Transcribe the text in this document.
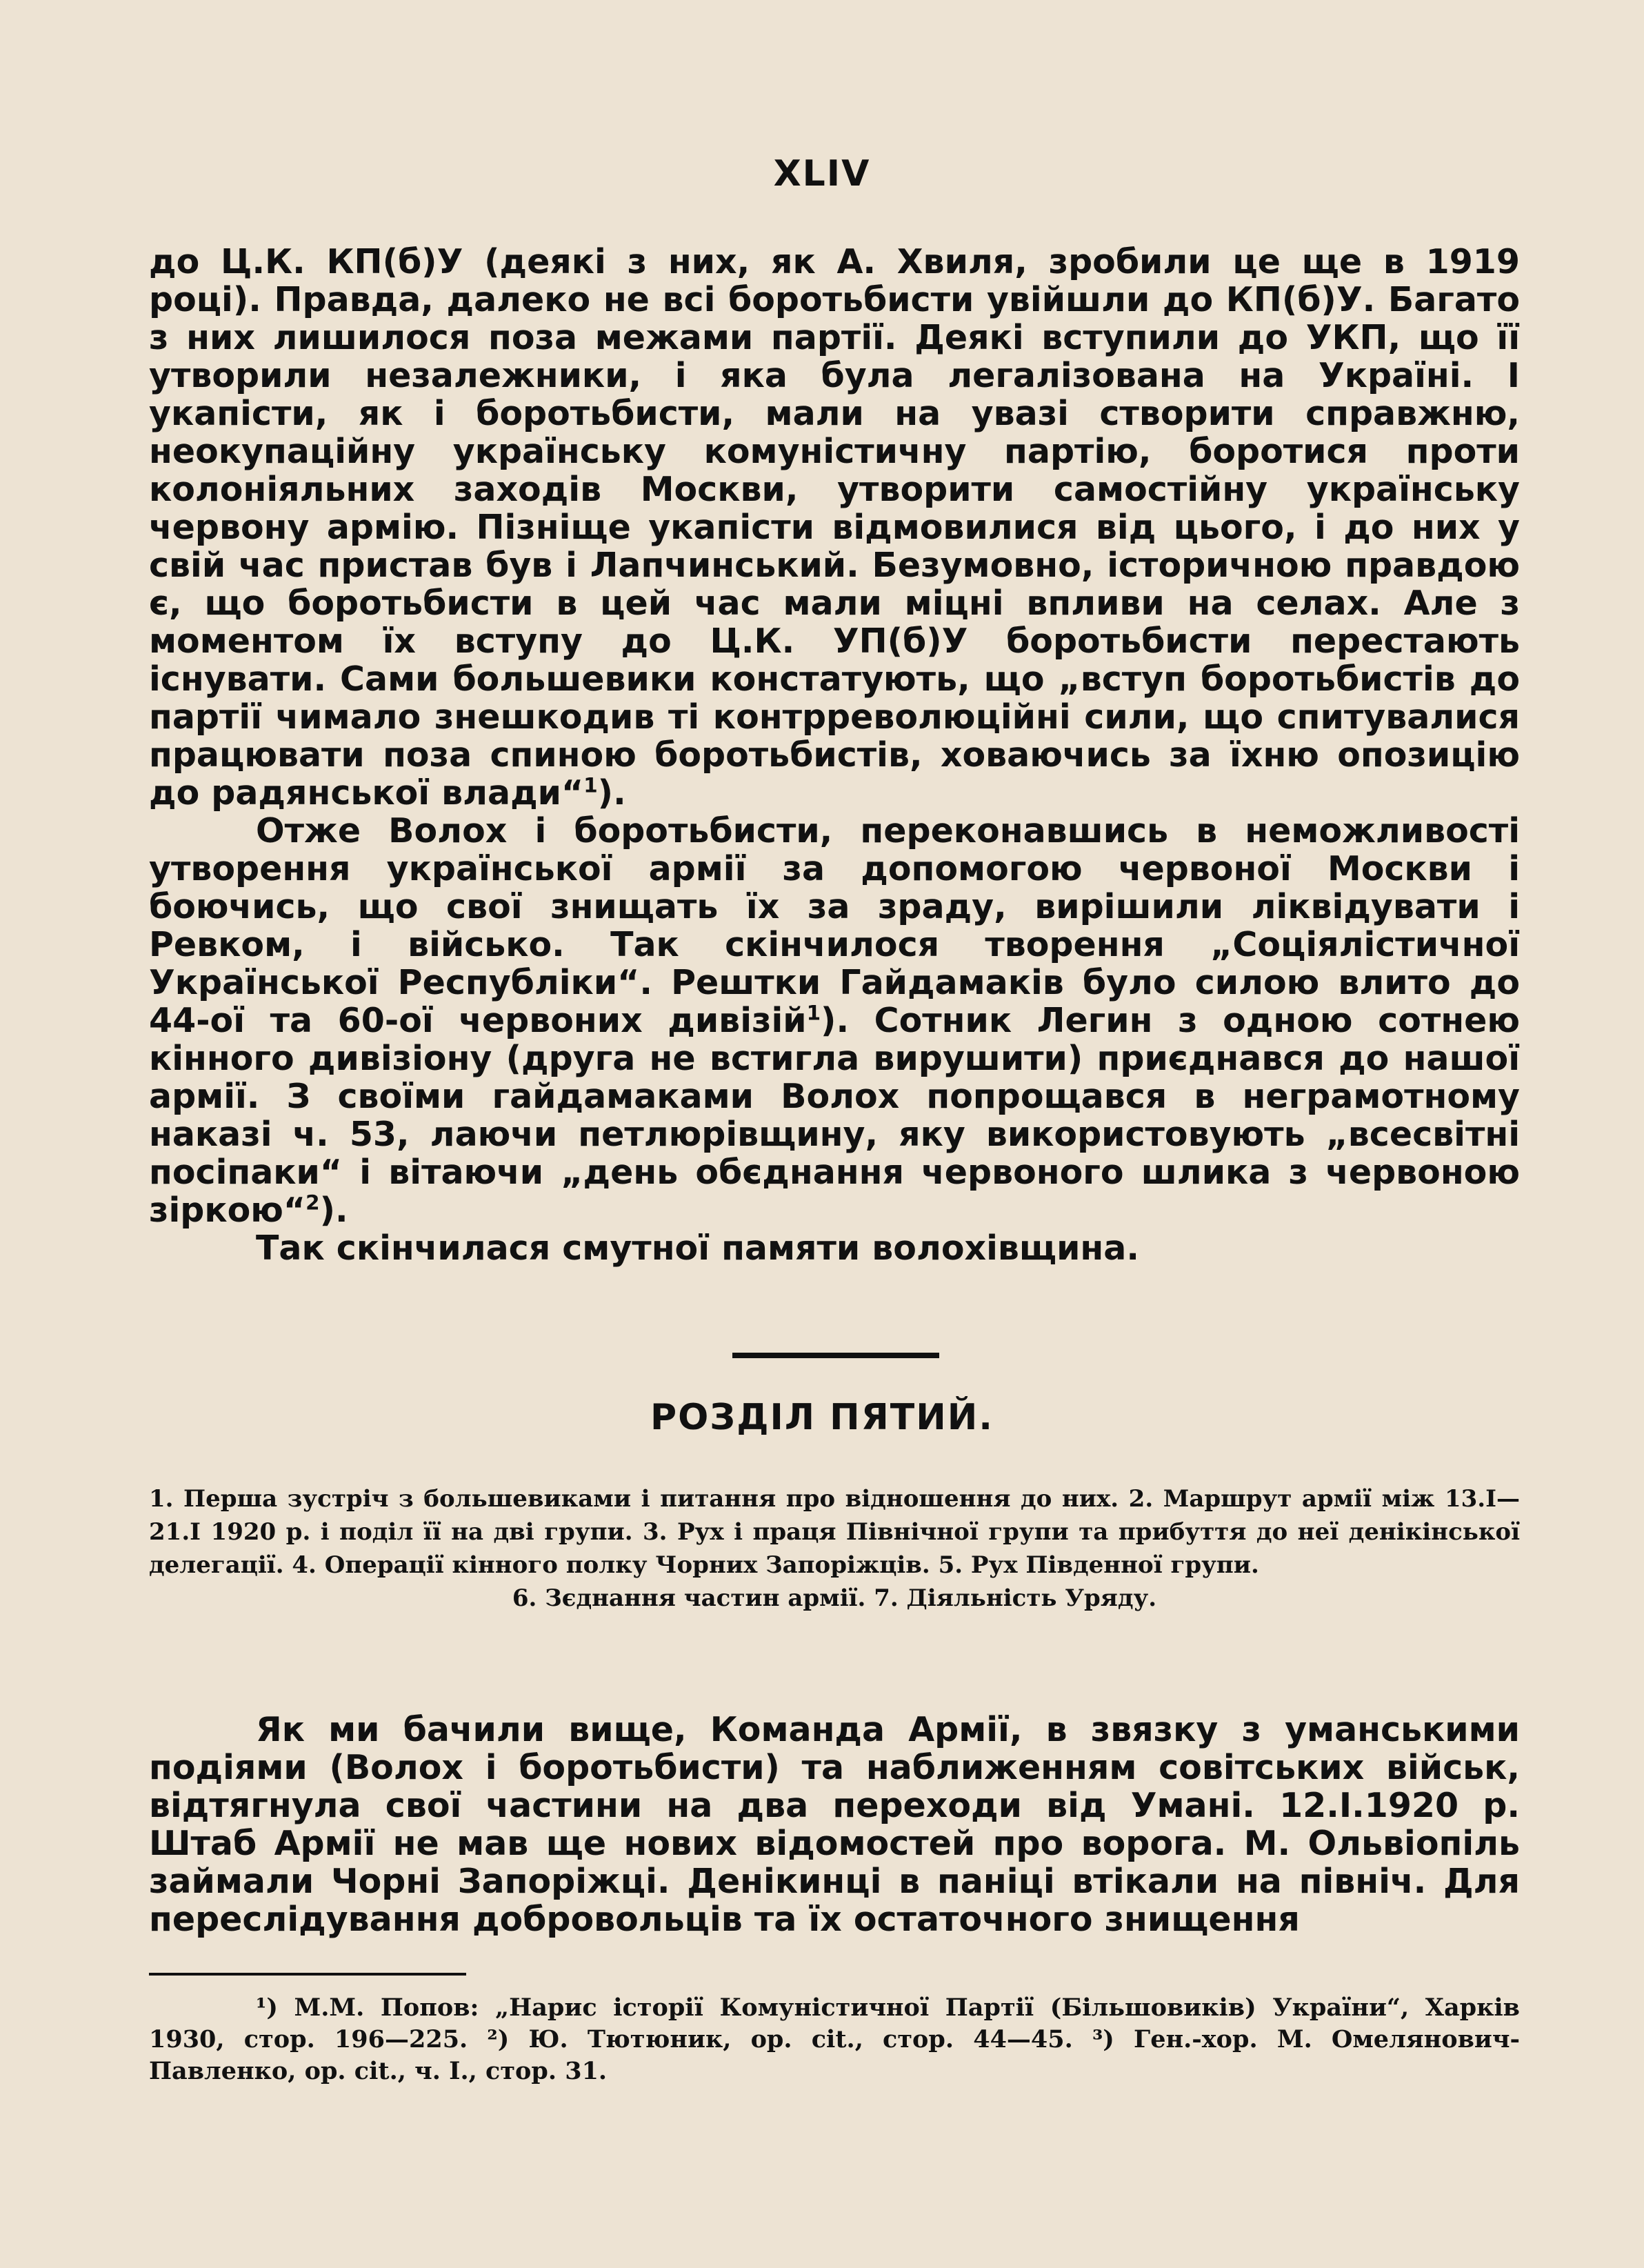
XLIV

до Ц.К. КП(б)У (деякі з них, як А. Хвиля, зробили це ще в 1919 році). Правда, далеко не всі боротьбисти увійшли до КП(б)У. Багато з них лишилося поза межами партії. Деякі вступили до УКП, що її утворили незалежники, і яка була легалізована на Україні. І укапісти, як і боротьбисти, мали на увазі створити справжню, неокупаційну українську комуністичну партію, боротися проти колоніяльних заходів Москви, утворити самостійну українську червону армію. Пізніще укапісти відмовилися від цього, і до них у свій час пристав був і Лапчинський. Безумовно, історичною правдою є, що боротьбисти в цей час мали міцні впливи на селах. Але з моментом їх вступу до Ц.К. УП(б)У боротьбисти перестають існувати. Сами большевики констатують, що „вступ боротьбистів до партії чимало знешкодив ті контрреволюційні сили, що спитувалися працювати поза спиною боротьбистів, ховаючись за їхню опозицію до радянської влади“$^1$).

Отже Волох і боротьбисти, переконавшись в неможливості утворення української армії за допомогою червоної Москви і боючись, що свої знищать їх за зраду, вирішили ліквідувати і Ревком, і військо. Так скінчилося творення „Соціялістичної Української Республіки“. Рештки Гайдамаків було силою влито до 44-ої та 60-ої червоних дивізій$^1$). Сотник Легин з одною сотнею кінного дивізіону (друга не встигла вирушити) приєднався до нашої армії. З своїми гайдамаками Волох попрощався в неграмотному наказі ч. 53, лаючи петлюрівщину, яку використовують „всесвітні посіпаки“ і вітаючи „день обєднання червоного шлика з червоною зіркою“$^2$).

Так скінчилася смутної памяти волохівщина.

РОЗДІЛ ПЯТИЙ.

1. Перша зустріч з большевиками і питання про відношення до них. 2. Маршрут армії між 13.I—21.I 1920 р. і поділ її на дві групи. 3. Рух і праця Північної групи та прибуття до неї денікінської делегації. 4. Операції кінного полку Чорних Запоріжців. 5. Рух Південної групи.

6. Зєднання частин армії. 7. Діяльність Уряду.

Як ми бачили вище, Команда Армії, в звязку з уманськими подіями (Волох і боротьбисти) та наближенням совітських військ, відтягнула свої частини на два переходи від Умані. 12.I.1920 р. Штаб Армії не мав ще нових відомостей про ворога. М. Ольвіопіль займали Чорні Запоріжці. Денікинці в паніці втікали на північ. Для переслідування добровольців та їх остаточного знищення

¹) М.М. Попов: „Нарис історії Комуністичної Партії (Більшовиків) України“, Харків 1930, стор. 196—225. ²) Ю. Тютюник, op. cit., стор. 44—45. ³) Ген.-хор. М. Омелянович-Павленко, op. cit., ч. І., стор. 31.
